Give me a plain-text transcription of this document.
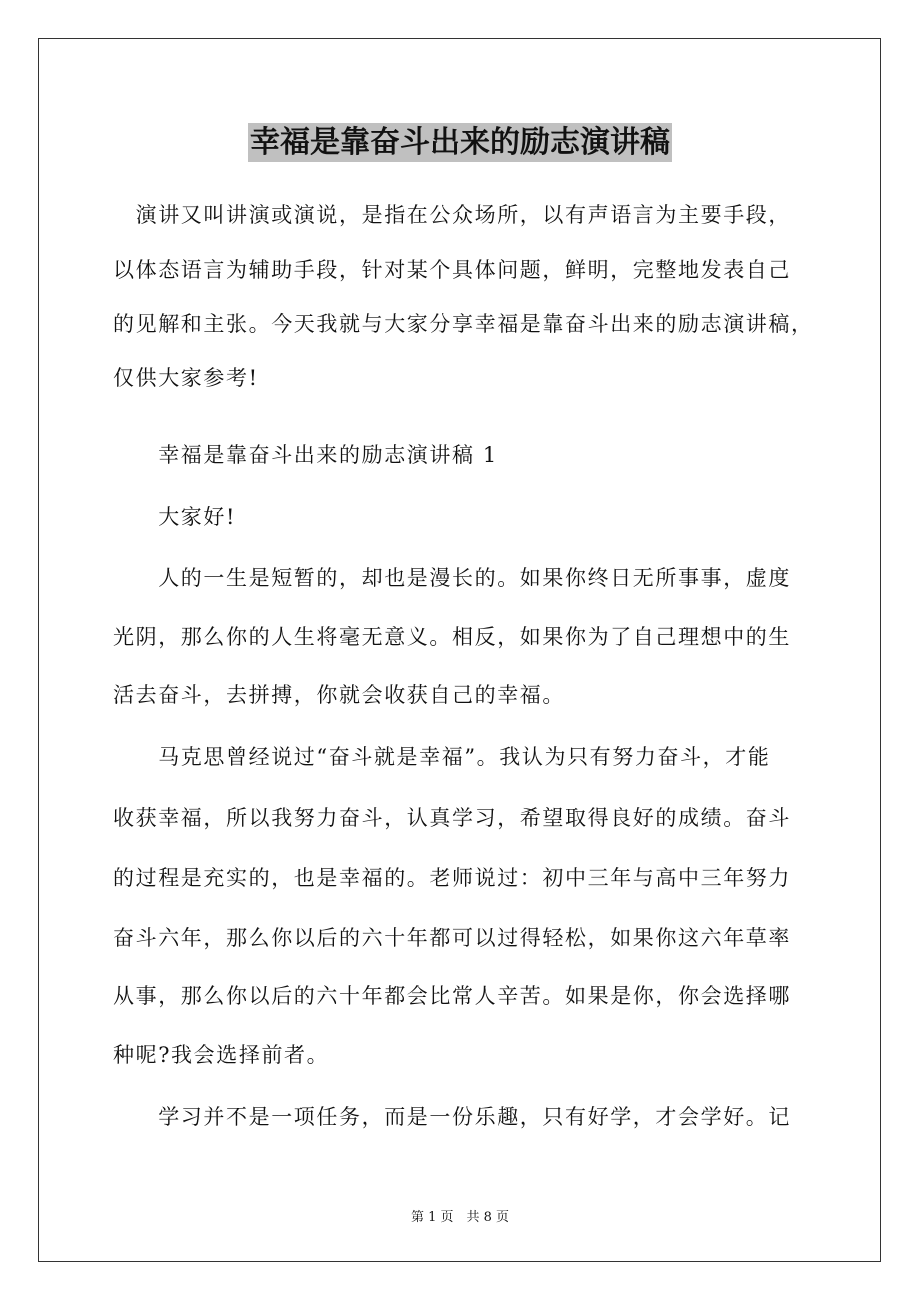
幸福是靠奋斗出来的励志演讲稿
　演讲又叫讲演或演说，是指在公众场所，以有声语言为主要手段，
以体态语言为辅助手段，针对某个具体问题，鲜明，完整地发表自己
的见解和主张。今天我就与大家分享幸福是靠奋斗出来的励志演讲稿，
仅供大家参考!
　　幸福是靠奋斗出来的励志演讲稿 1
　　大家好!
　　人的一生是短暂的，却也是漫长的。如果你终日无所事事，虚度
光阴，那么你的人生将毫无意义。相反，如果你为了自己理想中的生
活去奋斗，去拼搏，你就会收获自己的幸福。
　　马克思曾经说过“奋斗就是幸福”。我认为只有努力奋斗，才能
收获幸福，所以我努力奋斗，认真学习，希望取得良好的成绩。奋斗
的过程是充实的，也是幸福的。老师说过：初中三年与高中三年努力
奋斗六年，那么你以后的六十年都可以过得轻松，如果你这六年草率
从事，那么你以后的六十年都会比常人辛苦。如果是你，你会选择哪
种呢?我会选择前者。
　　学习并不是一项任务，而是一份乐趣，只有好学，才会学好。记
第 1 页　共 8 页
